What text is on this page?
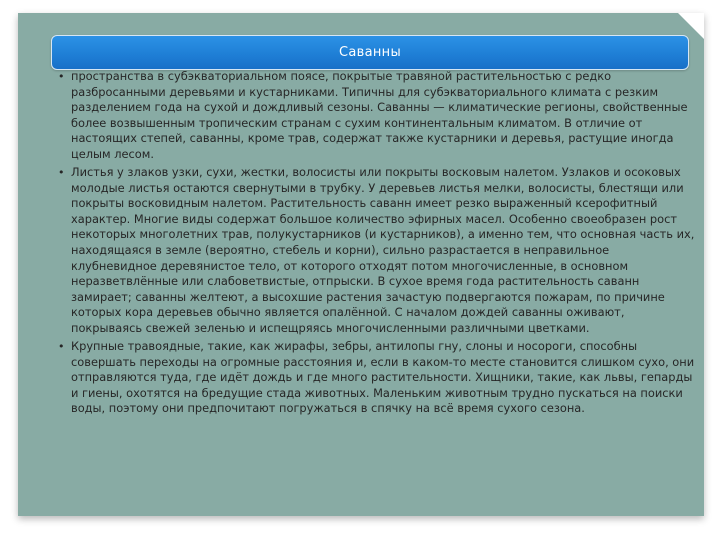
Саванны

• пространства в субэкваториальном поясе, покрытые травяной растительностью с редко разбросанными деревьями и кустарниками. Типичны для субэкваториального климата с резким разделением года на сухой и дождливый сезоны. Саванны — климатические регионы, свойственные более возвышенным тропическим странам с сухим континентальным климатом. В отличие от настоящих степей, саванны, кроме трав, содержат также кустарники и деревья, растущие иногда целым лесом.

• Листья у злаков узки, сухи, жестки, волосисты или покрыты восковым налетом. Узлаков и осоковых молодые листья остаются свернутыми в трубку. У деревьев листья мелки, волосисты, блестящи или покрыты восковидным налетом. Растительность саванн имеет резко выраженный ксерофитный характер. Многие виды содержат большое количество эфирных масел. Особенно своеобразен рост некоторых многолетних трав, полукустарников (и кустарников), а именно тем, что основная часть их, находящаяся в земле (вероятно, стебель и корни), сильно разрастается в неправильное клубневидное деревянистое тело, от которого отходят потом многочисленные, в основном неразветвлённые или слабоветвистые, отпрыски. В сухое время года растительность саванн замирает; саванны желтеют, а высохшие растения зачастую подвергаются пожарам, по причине которых кора деревьев обычно является опалённой. С началом дождей саванны оживают, покрываясь свежей зеленью и испещряясь многочисленными различными цветками.

• Крупные травоядные, такие, как жирафы, зебры, антилопы гну, слоны и носороги, способны совершать переходы на огромные расстояния и, если в каком-то месте становится слишком сухо, они отправляются туда, где идёт дождь и где много растительности. Хищники, такие, как львы, гепарды и гиены, охотятся на бредущие стада животных. Маленьким животным трудно пускаться на поиски воды, поэтому они предпочитают погружаться в спячку на всё время сухого сезона.
